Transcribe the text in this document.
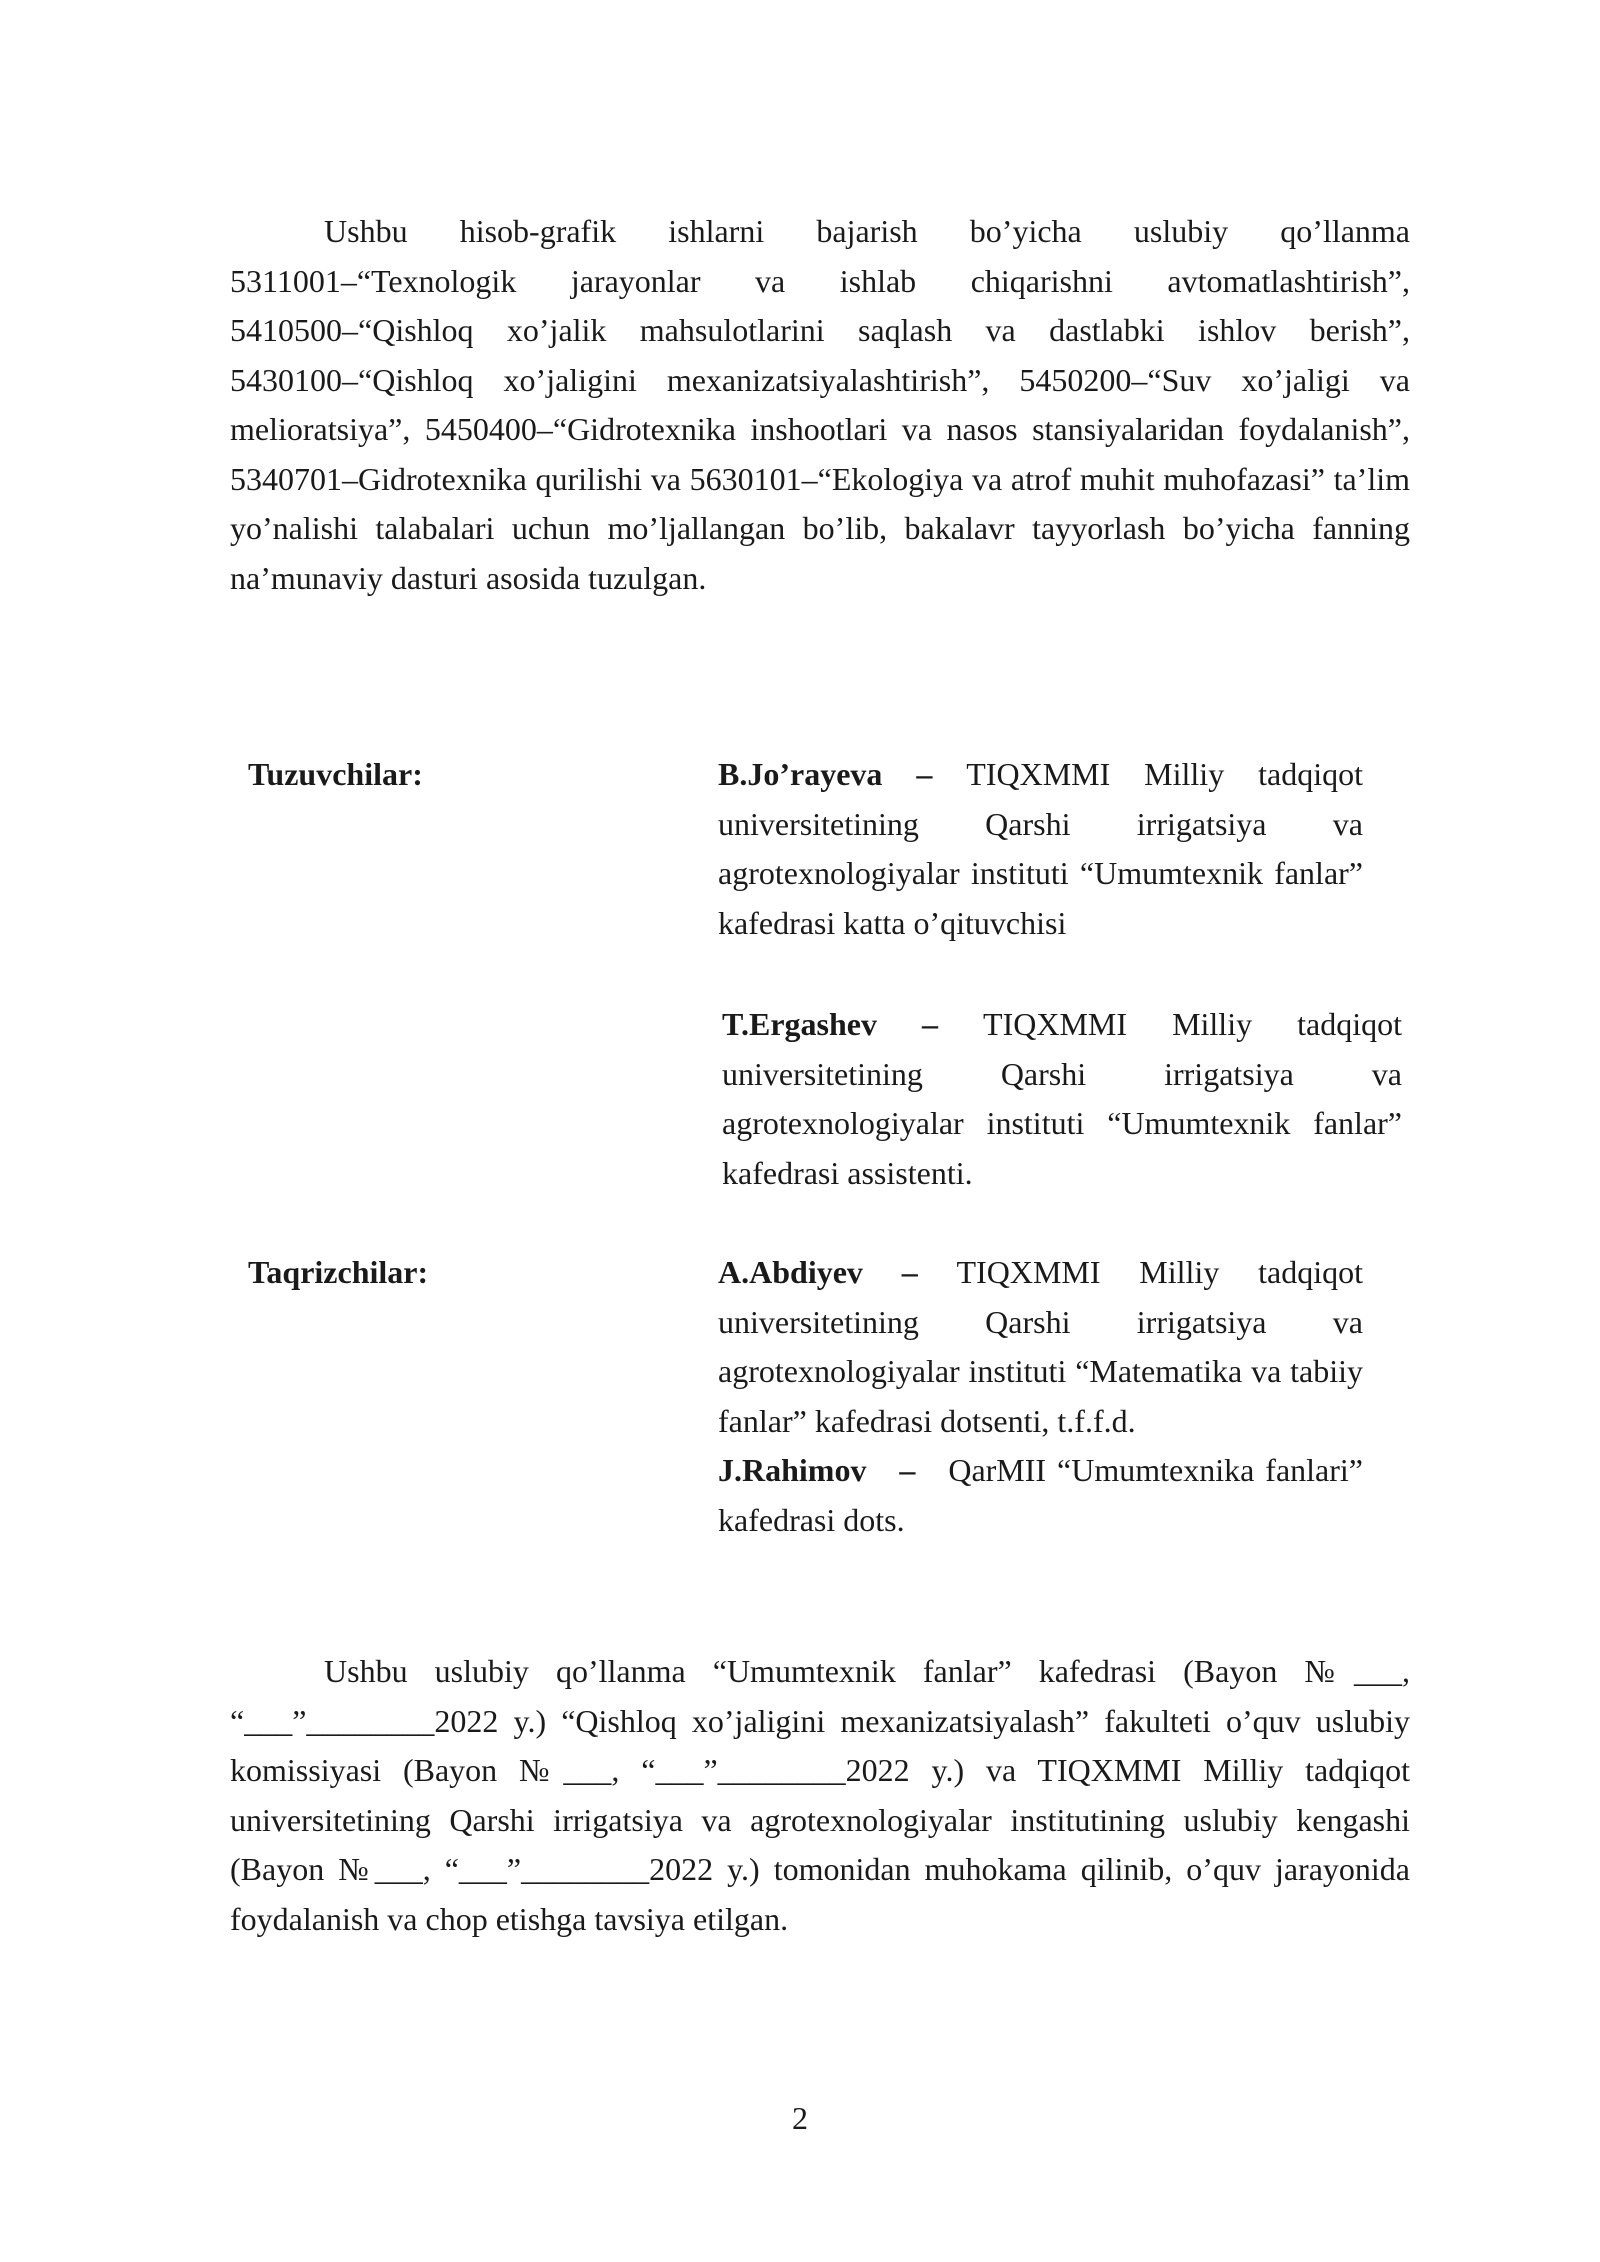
Ushbu hisob-grafik ishlarni bajarish bo’yicha uslubiy qo’llanma 5311001–“Texnologik jarayonlar va ishlab chiqarishni avtomatlashtirish”, 5410500–“Qishloq xo’jalik mahsulotlarini saqlash va dastlabki ishlov berish”, 5430100–“Qishloq xo’jaligini mexanizatsiyalashtirish”, 5450200–“Suv xo’jaligi va melioratsiya”, 5450400–“Gidrotexnika inshootlari va nasos stansiyalaridan foydalanish”, 5340701–Gidrotexnika qurilishi va 5630101–“Ekologiya va atrof muhit muhofazasi” ta’lim yo’nalishi talabalari uchun mo’ljallangan bo’lib, bakalavr tayyorlash bo’yicha fanning na’munaviy dasturi asosida tuzulgan.

Tuzuvchilar:	B.Jo’rayeva – TIQXMMI Milliy tadqiqot universitetining Qarshi irrigatsiya va agrotexnologiyalar instituti “Umumtexnik fanlar” kafedrasi katta o’qituvchisi

T.Ergashev – TIQXMMI Milliy tadqiqot universitetining Qarshi irrigatsiya va agrotexnologiyalar instituti “Umumtexnik fanlar” kafedrasi assistenti.

Taqrizchilar:	A.Abdiyev – TIQXMMI Milliy tadqiqot universitetining Qarshi irrigatsiya va agrotexnologiyalar instituti “Matematika va tabiiy fanlar” kafedrasi dotsenti, t.f.f.d.

J.Rahimov   –   QarMII “Umumtexnika fanlari” kafedrasi dots.

Ushbu uslubiy qo’llanma “Umumtexnik fanlar” kafedrasi (Bayon №___, “___”________2022 y.) “Qishloq xo’jaligini mexanizatsiyalash” fakulteti o’quv uslubiy komissiyasi (Bayon №___, “___”________2022 y.) va TIQXMMI Milliy tadqiqot universitetining Qarshi irrigatsiya va agrotexnologiyalar institutining uslubiy kengashi (Bayon №___, “___”________2022 y.) tomonidan muhokama qilinib, o’quv jarayonida foydalanish va chop etishga tavsiya etilgan.

2
